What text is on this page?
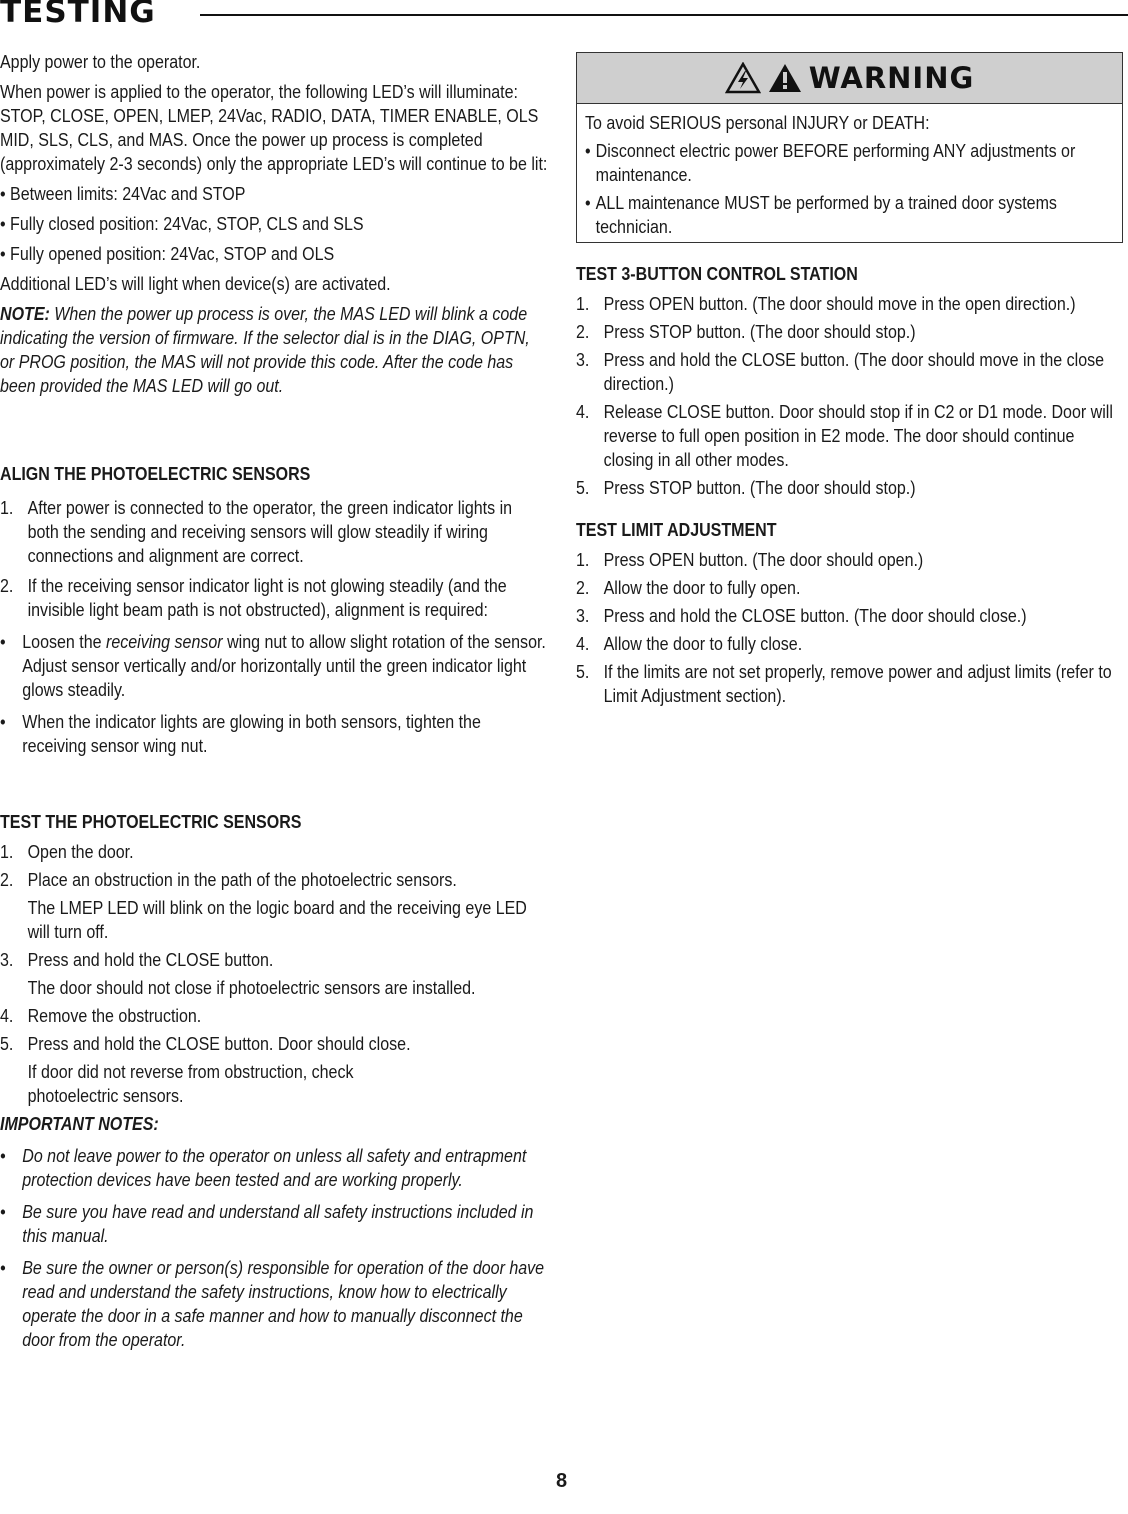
TESTING

Apply power to the operator.

When power is applied to the operator, the following LED’s will illuminate: STOP, CLOSE, OPEN, LMEP, 24Vac, RADIO, DATA, TIMER ENABLE, OLS MID, SLS, CLS, and MAS. Once the power up process is completed (approximately 2-3 seconds) only the appropriate LED’s will continue to be lit:

• Between limits: 24Vac and STOP

• Fully closed position: 24Vac, STOP, CLS and SLS

• Fully opened position: 24Vac, STOP and OLS

Additional LED’s will light when device(s) are activated.

NOTE: When the power up process is over, the MAS LED will blink a code indicating the version of firmware. If the selector dial is in the DIAG, OPTN, or PROG position, the MAS will not provide this code. After the code has been provided the MAS LED will go out.

ALIGN THE PHOTOELECTRIC SENSORS
1. After power is connected to the operator, the green indicator lights in both the sending and receiving sensors will glow steadily if wiring connections and alignment are correct.
2. If the receiving sensor indicator light is not glowing steadily (and the invisible light beam path is not obstructed), alignment is required:
• Loosen the receiving sensor wing nut to allow slight rotation of the sensor. Adjust sensor vertically and/or horizontally until the green indicator light glows steadily.
• When the indicator lights are glowing in both sensors, tighten the receiving sensor wing nut.
TEST THE PHOTOELECTRIC SENSORS
1. Open the door.
2. Place an obstruction in the path of the photoelectric sensors.
The LMEP LED will blink on the logic board and the receiving eye LED will turn off.
3. Press and hold the CLOSE button.
The door should not close if photoelectric sensors are installed.
4. Remove the obstruction.
5. Press and hold the CLOSE button. Door should close.
If door did not reverse from obstruction, check photoelectric sensors.
IMPORTANT NOTES:
• Do not leave power to the operator on unless all safety and entrapment protection devices have been tested and are working properly.
• Be sure you have read and understand all safety instructions included in this manual.
• Be sure the owner or person(s) responsible for operation of the door have read and understand the safety instructions, know how to electrically operate the door in a safe manner and how to manually disconnect the door from the operator.
WARNING

To avoid SERIOUS personal INJURY or DEATH:

• Disconnect electric power BEFORE performing ANY adjustments or maintenance.
• ALL maintenance MUST be performed by a trained door systems technician.
TEST 3-BUTTON CONTROL STATION
1. Press OPEN button. (The door should move in the open direction.)
2. Press STOP button. (The door should stop.)
3. Press and hold the CLOSE button. (The door should move in the close direction.)
4. Release CLOSE button. Door should stop if in C2 or D1 mode. Door will reverse to full open position in E2 mode. The door should continue closing in all other modes.
5. Press STOP button. (The door should stop.)
TEST LIMIT ADJUSTMENT
1. Press OPEN button. (The door should open.)
2. Allow the door to fully open.
3. Press and hold the CLOSE button. (The door should close.)
4. Allow the door to fully close.
5. If the limits are not set properly, remove power and adjust limits (refer to Limit Adjustment section).
8
